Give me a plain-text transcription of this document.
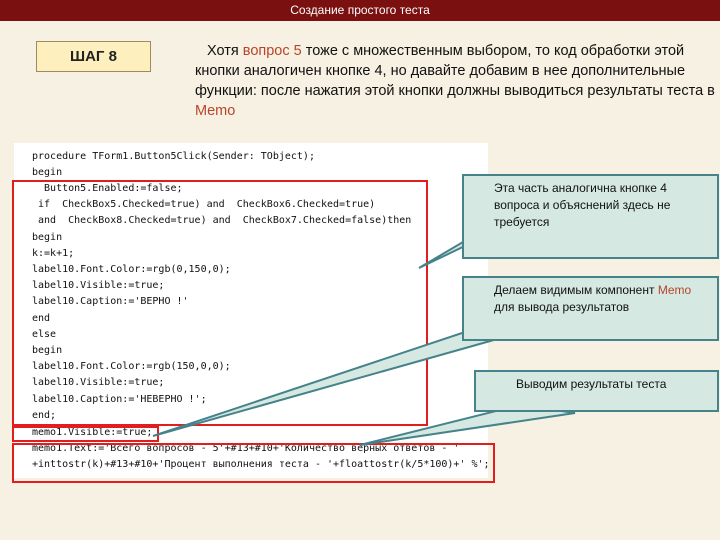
Создание простого теста
ШАГ 8	Хотя вопрос 5 тоже с множественным выбором, то код обработки этой кнопки аналогичен кнопке 4, но давайте добавим в нее дополнительные функции: после нажатия этой кнопки должны выводиться результаты теста в Memo
procedure TForm1.Button5Click(Sender: TObject);
begin
Button5.Enabled:=false;
if  CheckBox5.Checked=true) and  CheckBox6.Checked=true)
and  CheckBox8.Checked=true) and  CheckBox7.Checked=false)then
begin
k:=k+1;
label10.Font.Color:=rgb(0,150,0);
label10.Visible:=true;
label10.Caption:='ВЕРНО !'
end
else
begin
label10.Font.Color:=rgb(150,0,0);
label10.Visible:=true;
label10.Caption:='НЕВЕРНО !';
end;
memo1.Visible:=true;
memo1.Text:='Всего вопросов - 5'+#13+#10+'Количество верных ответов - '
+inttostr(k)+#13+#10+'Процент выполнения теста - '+floattostr(k/5*100)+' %';
Эта часть аналогична кнопке 4 вопроса и объяснений здесь не требуется
Делаем видимым компонент Memo для вывода результатов
Выводим результаты теста
